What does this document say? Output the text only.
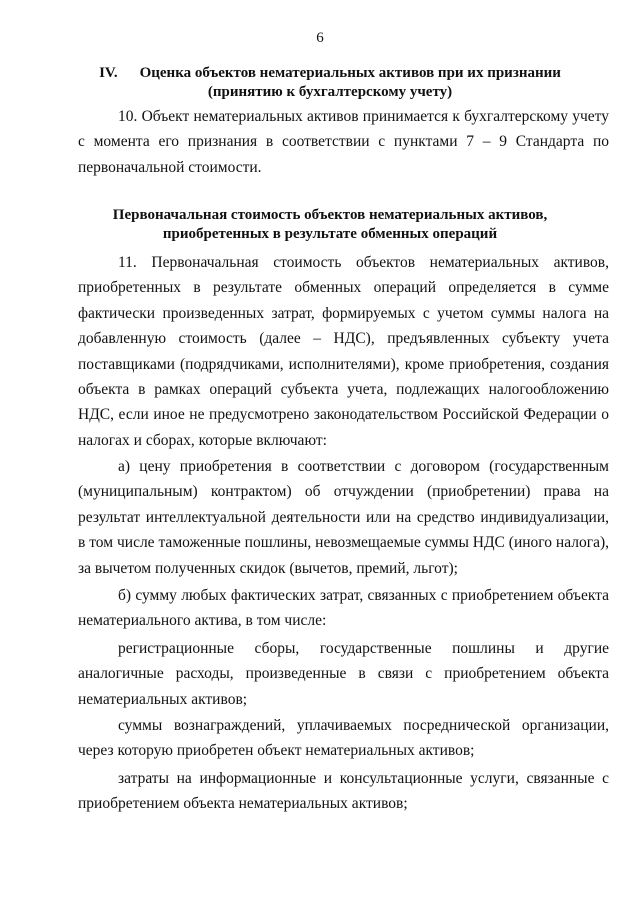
6
IV. Оценка объектов нематериальных активов при их признании (принятию к бухгалтерскому учету)

10. Объект нематериальных активов принимается к бухгалтерскому учету с момента его признания в соответствии с пунктами 7 – 9 Стандарта по первоначальной стоимости.

Первоначальная стоимость объектов нематериальных активов, приобретенных в результате обменных операций

11. Первоначальная стоимость объектов нематериальных активов, приобретенных в результате обменных операций определяется в сумме фактически произведенных затрат, формируемых с учетом суммы налога на добавленную стоимость (далее – НДС), предъявленных субъекту учета поставщиками (подрядчиками, исполнителями), кроме приобретения, создания объекта в рамках операций субъекта учета, подлежащих налогообложению НДС, если иное не предусмотрено законодательством Российской Федерации о налогах и сборах, которые включают:

а) цену приобретения в соответствии с договором (государственным (муниципальным) контрактом) об отчуждении (приобретении) права на результат интеллектуальной деятельности или на средство индивидуализации, в том числе таможенные пошлины, невозмещаемые суммы НДС (иного налога), за вычетом полученных скидок (вычетов, премий, льгот);

б) сумму любых фактических затрат, связанных с приобретением объекта нематериального актива, в том числе:

регистрационные сборы, государственные пошлины и другие аналогичные расходы, произведенные в связи с приобретением объекта нематериальных активов;

суммы вознаграждений, уплачиваемых посреднической организации, через которую приобретен объект нематериальных активов;

затраты на информационные и консультационные услуги, связанные с приобретением объекта нематериальных активов;
